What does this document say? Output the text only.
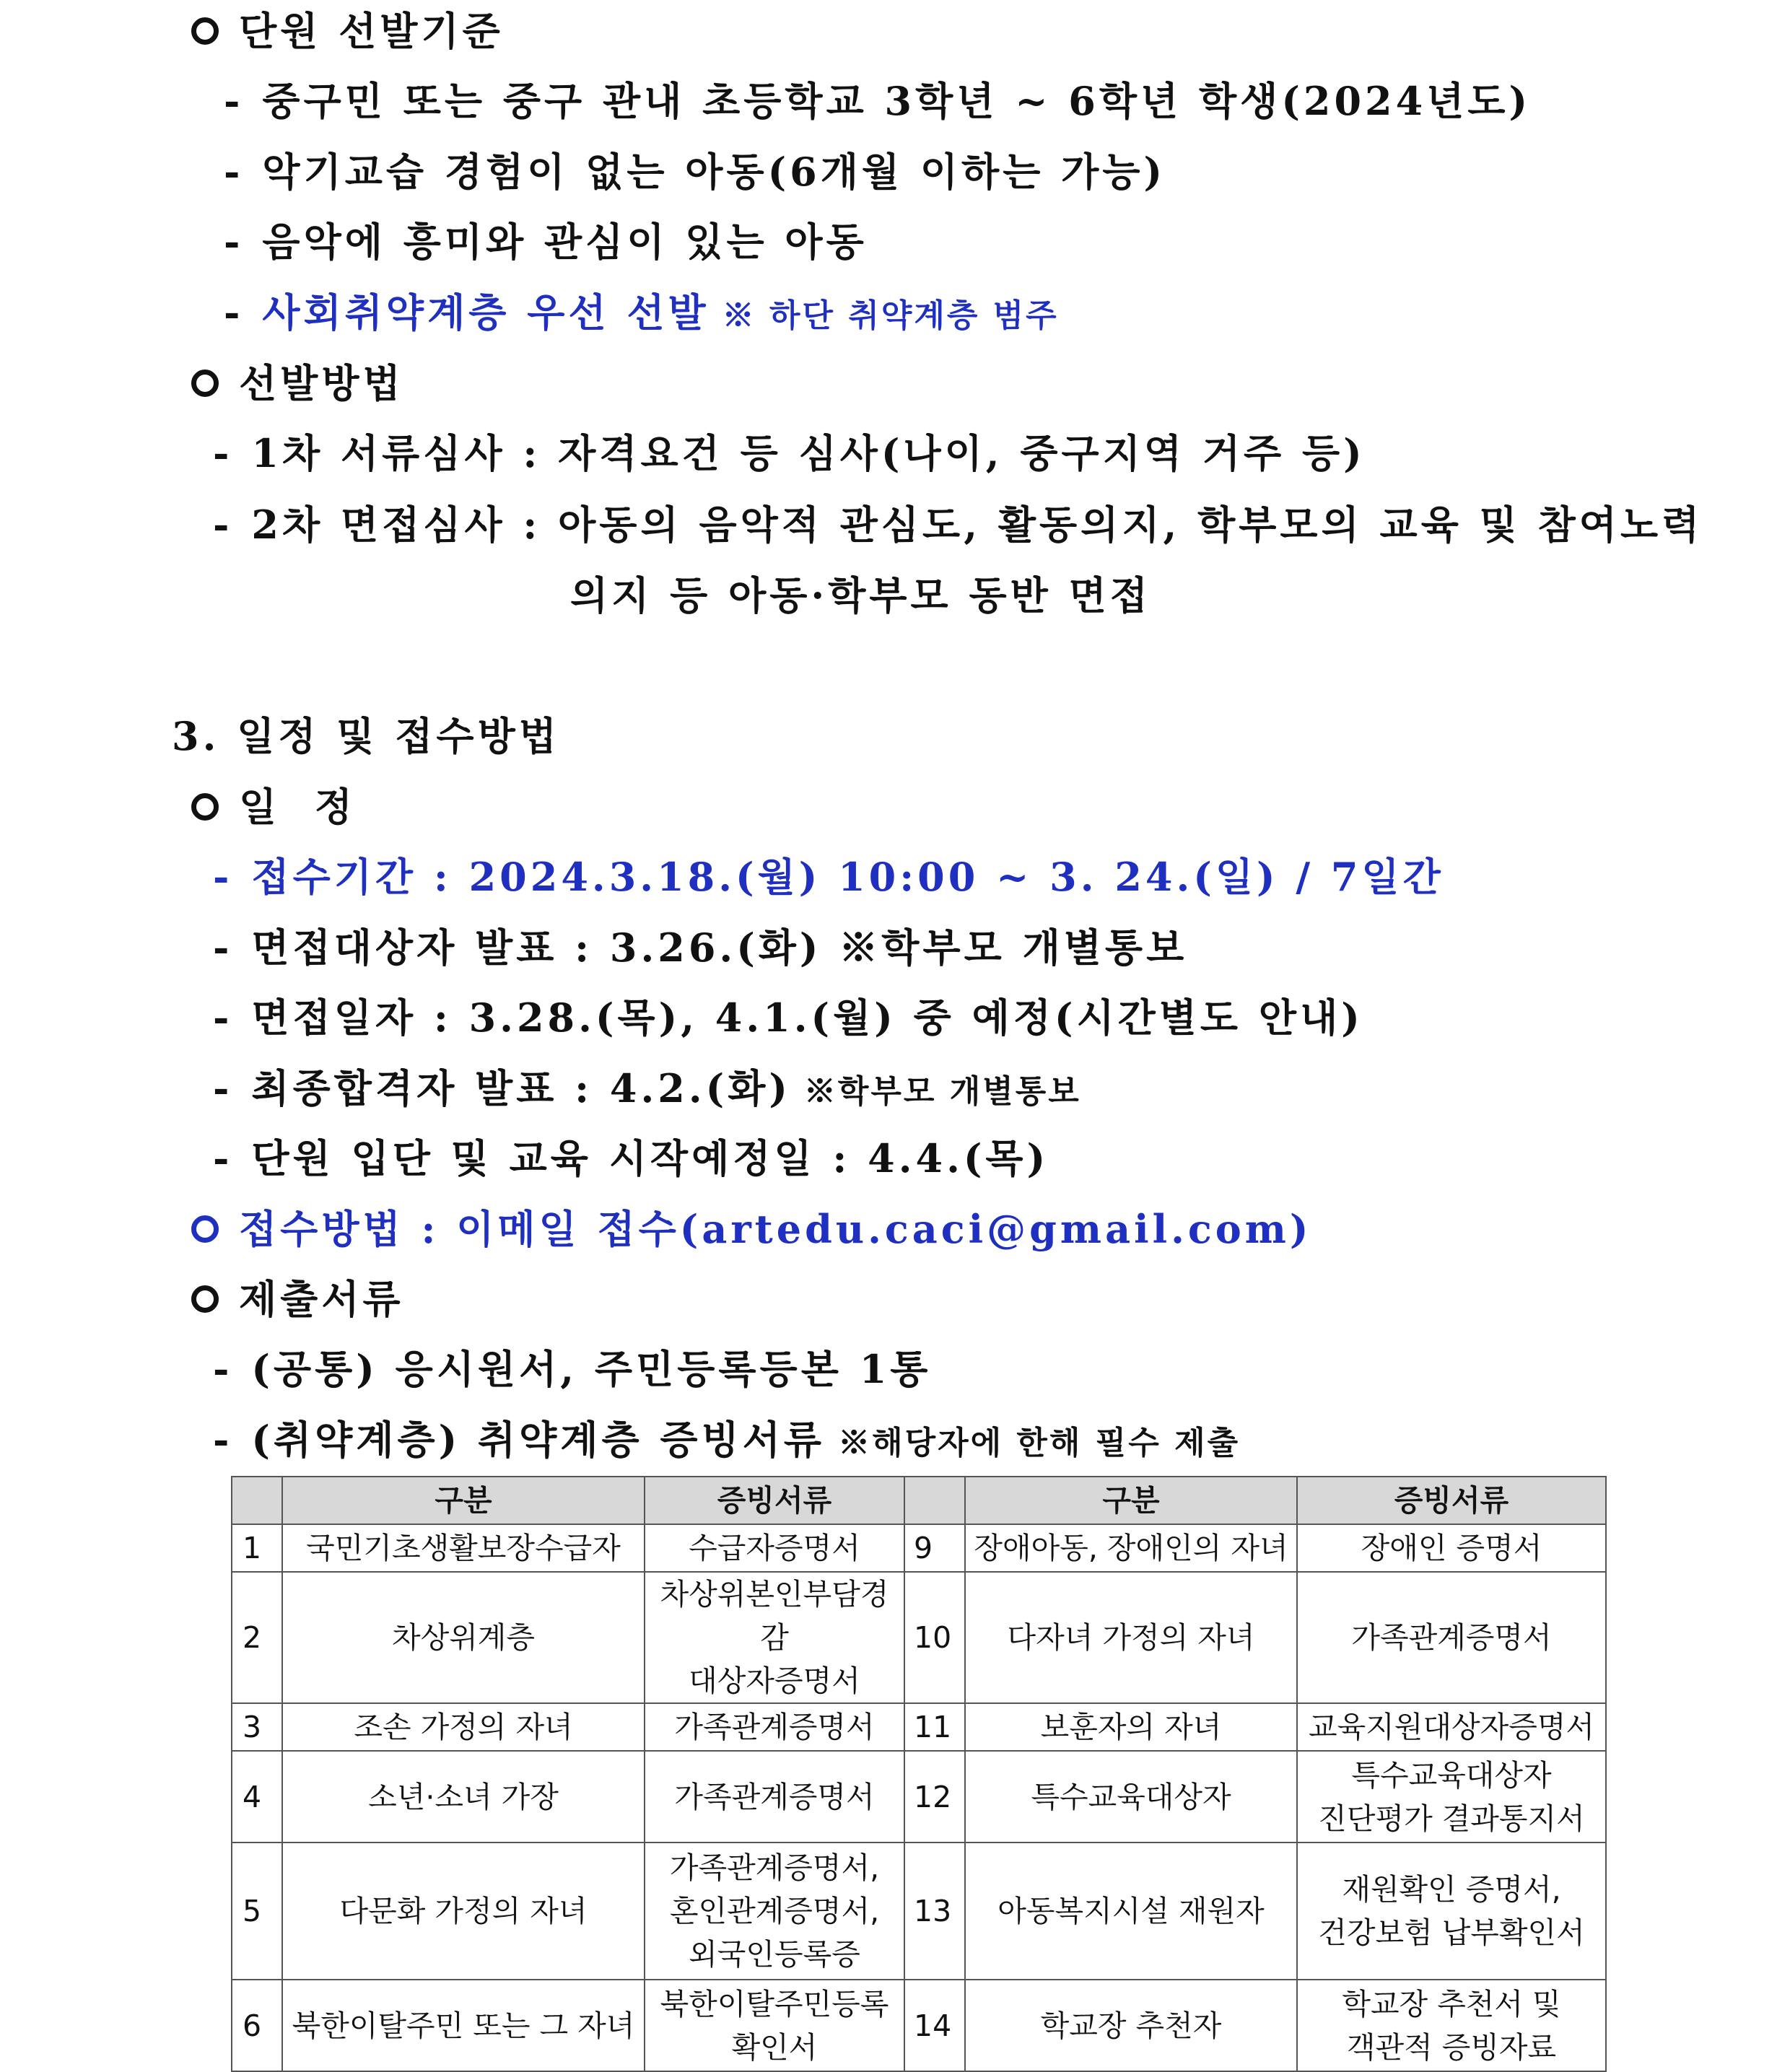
단원 선발기준
- 중구민 또는 중구 관내 초등학교 3학년 ~ 6학년 학생(2024년도)
- 악기교습 경험이 없는 아동(6개월 이하는 가능)
- 음악에 흥미와 관심이 있는 아동
- 사회취약계층 우선 선발 ※ 하단 취약계층 범주
선발방법
- 1차 서류심사 : 자격요건 등 심사(나이, 중구지역 거주 등)
- 2차 면접심사 : 아동의 음악적 관심도, 활동의지, 학부모의 교육 및 참여노력
의지 등 아동·학부모 동반 면접
3. 일정 및 접수방법
일  정
- 접수기간 : 2024.3.18.(월) 10:00 ~ 3. 24.(일) / 7일간
- 면접대상자 발표 : 3.26.(화) ※학부모 개별통보
- 면접일자 : 3.28.(목), 4.1.(월) 중 예정(시간별도 안내)
- 최종합격자 발표 : 4.2.(화) ※학부모 개별통보
- 단원 입단 및 교육 시작예정일 : 4.4.(목)
접수방법 : 이메일 접수(artedu.caci@gmail.com)
제출서류
- (공통) 응시원서, 주민등록등본 1통
- (취약계층) 취약계층 증빙서류 ※해당자에 한해 필수 제출
	구분	증빙서류		구분	증빙서류
1	국민기초생활보장수급자	수급자증명서	9	장애아동, 장애인의 자녀	장애인 증명서
2	차상위계층	차상위본인부담경감
대상자증명서	10	다자녀 가정의 자녀	가족관계증명서
3	조손 가정의 자녀	가족관계증명서	11	보훈자의 자녀	교육지원대상자증명서
4	소년·소녀 가장	가족관계증명서	12	특수교육대상자	특수교육대상자
진단평가 결과통지서
5	다문화 가정의 자녀	가족관계증명서,
혼인관계증명서,
외국인등록증	13	아동복지시설 재원자	재원확인 증명서,
건강보험 납부확인서
6	북한이탈주민 또는 그 자녀	북한이탈주민등록
확인서	14	학교장 추천자	학교장 추천서 및
객관적 증빙자료
